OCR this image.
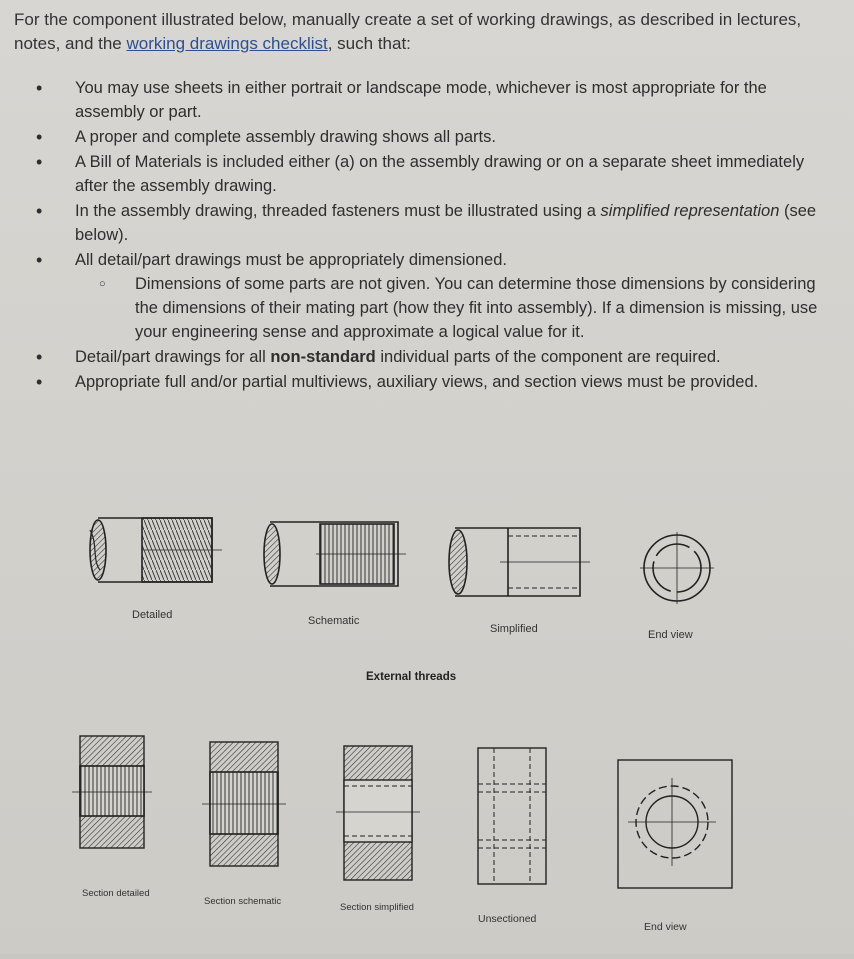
For the component illustrated below, manually create a set of working drawings, as described in lectures, notes, and the working drawings checklist, such that:
• You may use sheets in either portrait or landscape mode, whichever is most appropriate for the assembly or part.
• A proper and complete assembly drawing shows all parts.
• A Bill of Materials is included either (a) on the assembly drawing or on a separate sheet immediately after the assembly drawing.
• In the assembly drawing, threaded fasteners must be illustrated using a simplified representation (see below).
• All detail/part drawings must be appropriately dimensioned.
○ Dimensions of some parts are not given. You can determine those dimensions by considering the dimensions of their mating part (how they fit into assembly). If a dimension is missing, use your engineering sense and approximate a logical value for it.
• Detail/part drawings for all non-standard individual parts of the component are required.
• Appropriate full and/or partial multiviews, auxiliary views, and section views must be provided.
Detailed	Schematic
Simplified	End view
External threads
Section detailed
Section schematic
Section simplified
Unsectioned
End view
